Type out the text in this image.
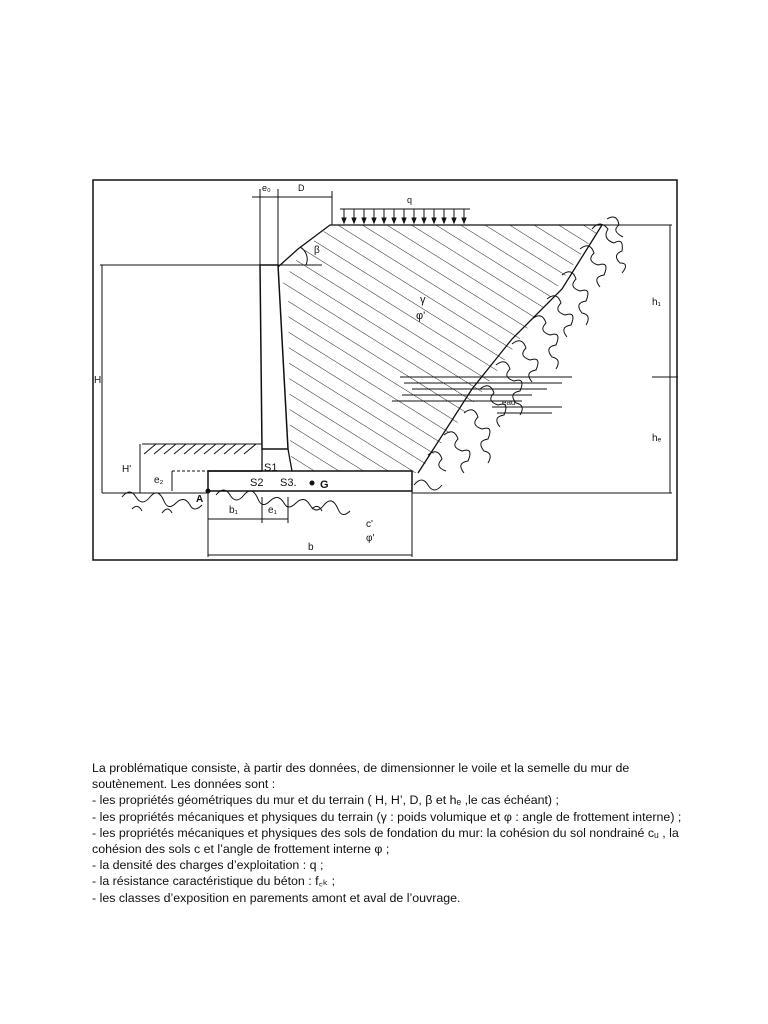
eau
q
b
b₁	e₁
c'
φ'
H
H'
e₂
A
S1
S2 S3. G
e₀	D
β
γ
φ'
h₁
hₑ

La problématique consiste, à partir des données, de dimensionner le voile et la semelle du mur de soutènement. Les données sont :

- les propriétés géométriques du mur et du terrain ( H, H’, D, β et hₑ ,le cas échéant) ;

- les propriétés mécaniques et physiques du terrain (γ : poids volumique et φ : angle de frottement interne) ;

- les propriétés mécaniques et physiques des sols de fondation du mur: la cohésion du sol nondrainé cᵤ , la cohésion des sols c et l’angle de frottement interne φ ;

- la densité des charges d’exploitation : q ;

- la résistance caractéristique du béton : f꜀ₖ ;

- les classes d’exposition en parements amont et aval de l’ouvrage.
